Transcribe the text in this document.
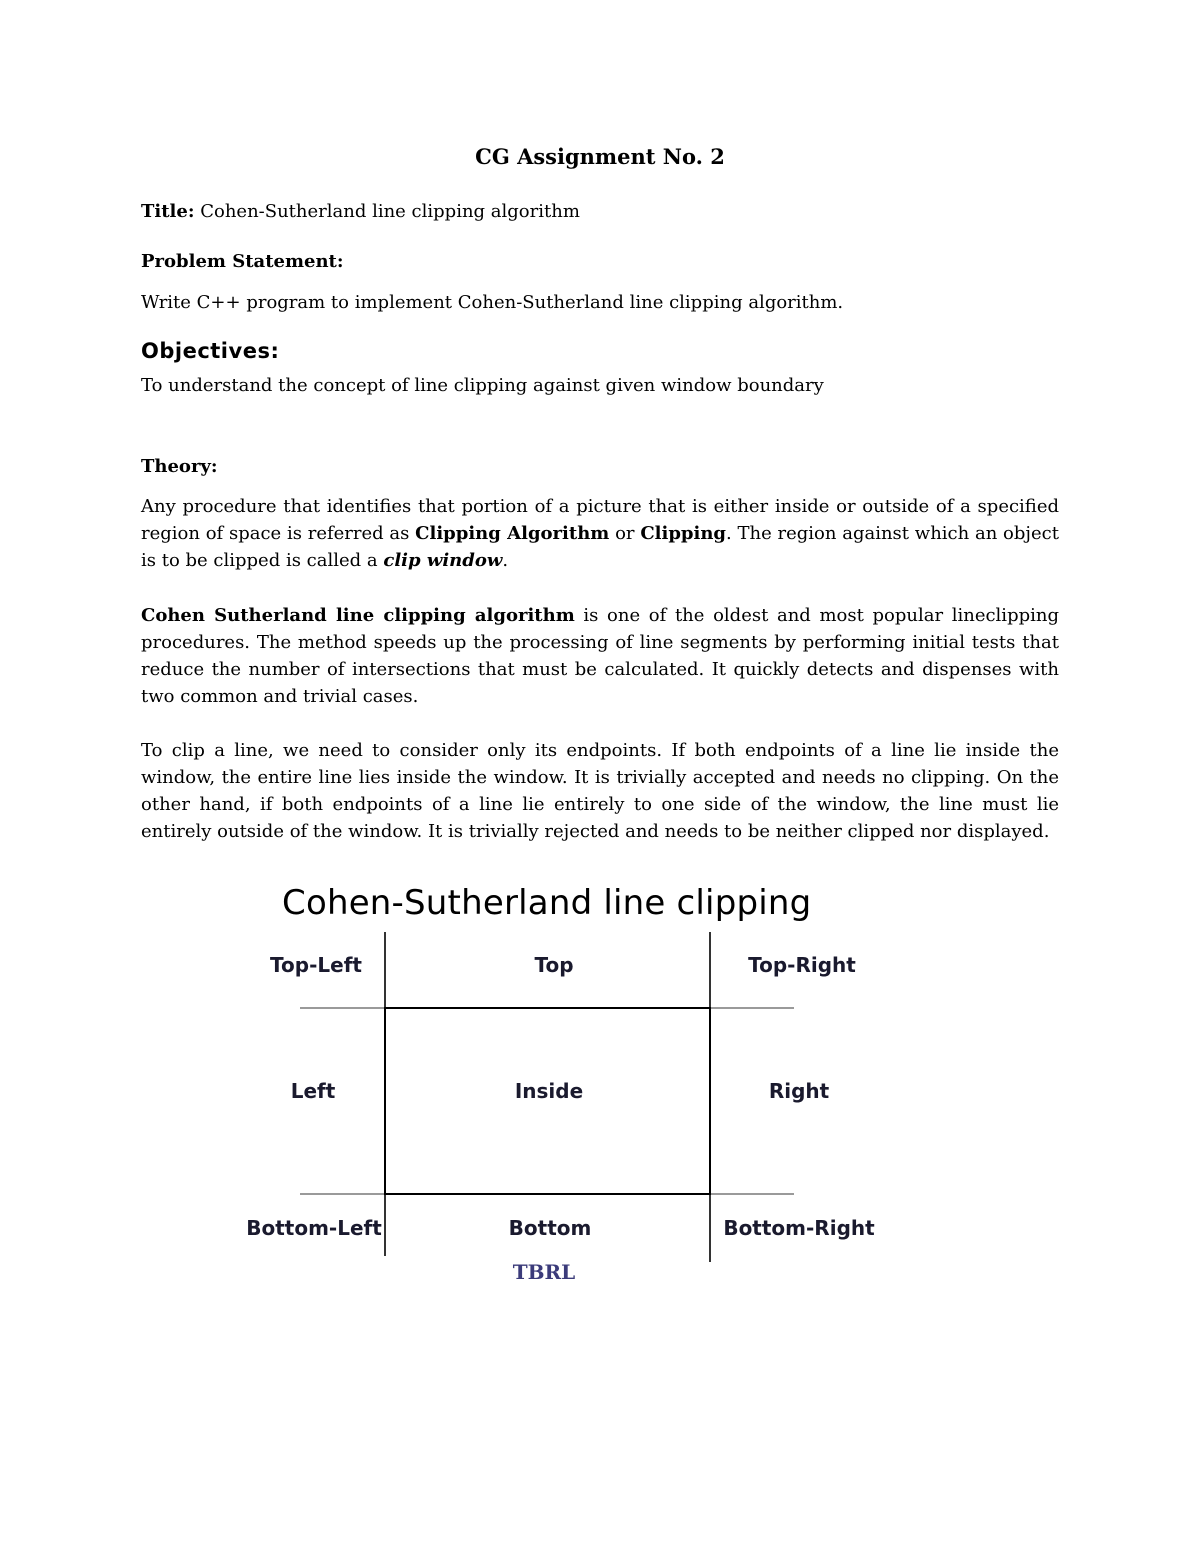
CG Assignment No. 2
Title: Cohen-Sutherland line clipping algorithm
Problem Statement:
Write C++ program to implement Cohen-Sutherland line clipping algorithm.
Objectives:
To understand the concept of line clipping against given window boundary
Theory:
Any procedure that identifies that portion of a picture that is either inside or outside of a specified region of space is referred as Clipping Algorithm or Clipping. The region against which an object is to be clipped is called a clip window.
Cohen Sutherland line clipping algorithm is one of the oldest and most popular lineclipping procedures. The method speeds up the processing of line segments by performing initial tests that reduce the number of intersections that must be calculated. It quickly detects and dispenses with two common and trivial cases.
To clip a line, we need to consider only its endpoints. If both endpoints of a line lie inside the window, the entire line lies inside the window. It is trivially accepted and needs no clipping. On the other hand, if both endpoints of a line lie entirely to one side of the window, the line must lie entirely outside of the window. It is trivially rejected and needs to be neither clipped nor displayed.
Cohen-Sutherland line clipping
Top-Left	Top	Top-Right
Left	Inside	Right
Bottom-Left	Bottom	Bottom-Right
TBRL
